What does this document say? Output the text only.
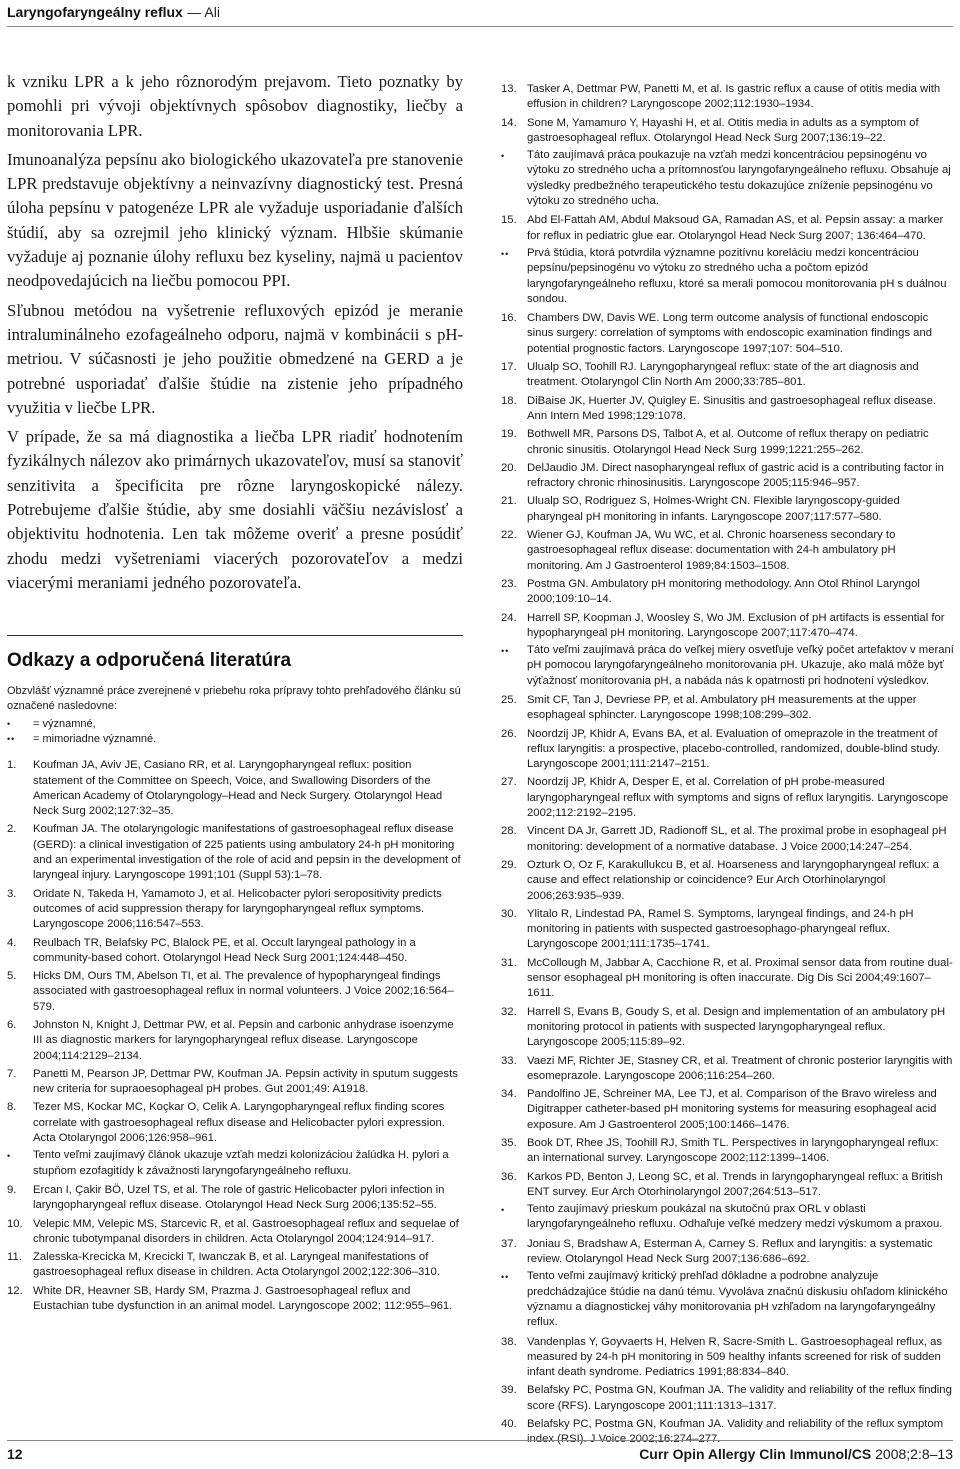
Laryngofaryngeálny reflux — Ali

k vzniku LPR a k jeho rôznorodým prejavom. Tieto poznatky by pomohli pri vývoji objektívnych spôsobov diagnostiky, liečby a monitorovania LPR.

Imunoanalýza pepsínu ako biologického ukazovateľa pre stanovenie LPR predstavuje objektívny a neinvazívny diagnostický test. Presná úloha pepsínu v patogenéze LPR ale vyžaduje usporiadanie ďalších štúdií, aby sa ozrejmil jeho klinický význam. Hlbšie skúmanie vyžaduje aj poznanie úlohy refluxu bez kyseliny, najmä u pacientov neodpovedajúcich na liečbu pomocou PPI.

Sľubnou metódou na vyšetrenie refluxových epizód je meranie intraluminálneho ezofageálneho odporu, najmä v kombinácii s pH-metriou. V súčasnosti je jeho použitie obmedzené na GERD a je potrebné usporiadať ďalšie štúdie na zistenie jeho prípadného využitia v liečbe LPR.

V prípade, že sa má diagnostika a liečba LPR riadiť hodnotením fyzikálnych nálezov ako primárnych ukazovateľov, musí sa stanoviť senzitivita a špecificita pre rôzne laryngoskopické nálezy. Potrebujeme ďalšie štúdie, aby sme dosiahli väčšiu nezávislosť a objektivitu hodnotenia. Len tak môžeme overiť a presne posúdiť zhodu medzi vyšetreniami viacerých pozorovateľov a medzi viacerými meraniami jedného pozorovateľa.

Odkazy a odporučená literatúra

Obzvlášť významné práce zverejnené v priebehu roka prípravy tohto prehľadového článku sú označené nasledovne:

•	= významné,
••	= mimoriadne významné.
1.	Koufman JA, Aviv JE, Casiano RR, et al. Laryngopharyngeal reflux: position statement of the Committee on Speech, Voice, and Swallowing Disorders of the American Academy of Otolaryngology–Head and Neck Surgery. Otolaryngol Head Neck Surg 2002;127:32–35.
2.	Koufman JA. The otolaryngologic manifestations of gastroesophageal reflux disease (GERD): a clinical investigation of 225 patients using ambulatory 24-h pH monitoring and an experimental investigation of the role of acid and pepsin in the development of laryngeal injury. Laryngoscope 1991;101 (Suppl 53):1–78.
3.	Oridate N, Takeda H, Yamamoto J, et al. Helicobacter pylori seropositivity predicts outcomes of acid suppression therapy for laryngopharyngeal reflux symptoms. Laryngoscope 2006;116:547–553.
4.	Reulbach TR, Belafsky PC, Blalock PE, et al. Occult laryngeal pathology in a community-based cohort. Otolaryngol Head Neck Surg 2001;124:448–450.
5.	Hicks DM, Ours TM, Abelson TI, et al. The prevalence of hypopharyngeal findings associated with gastroesophageal reflux in normal volunteers. J Voice 2002;16:564–579.
6.	Johnston N, Knight J, Dettmar PW, et al. Pepsin and carbonic anhydrase isoenzyme III as diagnostic markers for laryngopharyngeal reflux disease. Laryngoscope 2004;114:2129–2134.
7.	Panetti M, Pearson JP, Dettmar PW, Koufman JA. Pepsin activity in sputum suggests new criteria for supraoesophageal pH probes. Gut 2001;49: A1918.
8.	Tezer MS, Kockar MC, Koçkar O, Celik A. Laryngopharyngeal reflux finding scores correlate with gastroesophageal reflux disease and Helicobacter pylori expression. Acta Otolaryngol 2006;126:958–961.
•	Tento veľmi zaujímavý článok ukazuje vzťah medzi kolonizáciou žalúdka H. pylori a stupňom ezofagitídy k závažnosti laryngofaryngeálneho refluxu.
9.	Ercan I, Çakir BÖ, Uzel TS, et al. The role of gastric Helicobacter pylori infection in laryngopharyngeal reflux disease. Otolaryngol Head Neck Surg 2006;135:52–55.
10. Velepic MM, Velepic MS, Starcevic R, et al. Gastroesophageal reflux and sequelae of chronic tubotympanal disorders in children. Acta Otolaryngol 2004;124:914–917.
11. Zalesska-Krecicka M, Krecicki T, Iwanczak B, et al. Laryngeal manifestations of gastroesophageal reflux disease in children. Acta Otolaryngol 2002;122:306–310.
12. White DR, Heavner SB, Hardy SM, Prazma J. Gastroesophageal reflux and Eustachian tube dysfunction in an animal model. Laryngoscope 2002; 112:955–961.
13. Tasker A, Dettmar PW, Panetti M, et al. Is gastric reflux a cause of otitis media with effusion in children? Laryngoscope 2002;112:1930–1934.
14. Sone M, Yamamuro Y, Hayashi H, et al. Otitis media in adults as a symptom of gastroesophageal reflux. Otolaryngol Head Neck Surg 2007;136:19–22.
•	Táto zaujímavá práca poukazuje na vzťah medzi koncentráciou pepsinogénu vo výtoku zo stredného ucha a prítomnosťou laryngofaryngeálneho refluxu. Obsahuje aj výsledky predbežného terapeutického testu dokazujúce zníženie pepsinogénu vo výtoku zo stredného ucha.
15. Abd El-Fattah AM, Abdul Maksoud GA, Ramadan AS, et al. Pepsin assay: a marker for reflux in pediatric glue ear. Otolaryngol Head Neck Surg 2007; 136:464–470.
••	Prvá štúdia, ktorá potvrdila významne pozitívnu koreláciu medzi koncentráciou pepsínu/pepsinogénu vo výtoku zo stredného ucha a počtom epizód laryngofaryngeálneho refluxu, ktoré sa merali pomocou monitorovania pH s duálnou sondou.
16. Chambers DW, Davis WE. Long term outcome analysis of functional endoscopic sinus surgery: correlation of symptoms with endoscopic examination findings and potential prognostic factors. Laryngoscope 1997;107: 504–510.
17. Ulualp SO, Toohill RJ. Laryngopharyngeal reflux: state of the art diagnosis and treatment. Otolaryngol Clin North Am 2000;33:785–801.
18. DiBaise JK, Huerter JV, Quigley E. Sinusitis and gastroesophageal reflux disease. Ann Intern Med 1998;129:1078.
19. Bothwell MR, Parsons DS, Talbot A, et al. Outcome of reflux therapy on pediatric chronic sinusitis. Otolaryngol Head Neck Surg 1999;1221:255–262.
20. DelJaudio JM. Direct nasopharyngeal reflux of gastric acid is a contributing factor in refractory chronic rhinosinusitis. Laryngoscope 2005;115:946–957.
21. Ulualp SO, Rodriguez S, Holmes-Wright CN. Flexible laryngoscopy-guided pharyngeal pH monitoring in infants. Laryngoscope 2007;117:577–580.
22. Wiener GJ, Koufman JA, Wu WC, et al. Chronic hoarseness secondary to gastroesophageal reflux disease: documentation with 24-h ambulatory pH monitoring. Am J Gastroenterol 1989;84:1503–1508.
23. Postma GN. Ambulatory pH monitoring methodology. Ann Otol Rhinol Laryngol 2000;109:10–14.
24. Harrell SP, Koopman J, Woosley S, Wo JM. Exclusion of pH artifacts is essential for hypopharyngeal pH monitoring. Laryngoscope 2007;117:470–474.
••	Táto veľmi zaujímavá práca do veľkej miery osvetľuje veľký počet artefaktov v meraní pH pomocou laryngofaryngeálneho monitorovania pH. Ukazuje, ako malá môže byť výťažnosť monitorovania pH, a nabáda nás k opatrnosti pri hodnotení výsledkov.
25. Smit CF, Tan J, Devriese PP, et al. Ambulatory pH measurements at the upper esophageal sphincter. Laryngoscope 1998;108:299–302.
26. Noordzij JP, Khidr A, Evans BA, et al. Evaluation of omeprazole in the treatment of reflux laryngitis: a prospective, placebo-controlled, randomized, double-blind study. Laryngoscope 2001;111:2147–2151.
27. Noordzij JP, Khidr A, Desper E, et al. Correlation of pH probe-measured laryngopharyngeal reflux with symptoms and signs of reflux laryngitis. Laryngoscope 2002;112:2192–2195.
28. Vincent DA Jr, Garrett JD, Radionoff SL, et al. The proximal probe in esophageal pH monitoring: development of a normative database. J Voice 2000;14:247–254.
29. Ozturk O, Oz F, Karakullukcu B, et al. Hoarseness and laryngopharyngeal reflux: a cause and effect relationship or coincidence? Eur Arch Otorhinolaryngol 2006;263:935–939.
30. Ylitalo R, Lindestad PA, Ramel S. Symptoms, laryngeal findings, and 24-h pH monitoring in patients with suspected gastroesophago-pharyngeal reflux. Laryngoscope 2001;111:1735–1741.
31. McCollough M, Jabbar A, Cacchione R, et al. Proximal sensor data from routine dual-sensor esophageal pH monitoring is often inaccurate. Dig Dis Sci 2004;49:1607–1611.
32. Harrell S, Evans B, Goudy S, et al. Design and implementation of an ambulatory pH monitoring protocol in patients with suspected laryngopharyngeal reflux. Laryngoscope 2005;115:89–92.
33. Vaezi MF, Richter JE, Stasney CR, et al. Treatment of chronic posterior laryngitis with esomeprazole. Laryngoscope 2006;116:254–260.
34. Pandolfino JE, Schreiner MA, Lee TJ, et al. Comparison of the Bravo wireless and Digitrapper catheter-based pH monitoring systems for measuring esophageal acid exposure. Am J Gastroenterol 2005;100:1466–1476.
35. Book DT, Rhee JS, Toohill RJ, Smith TL. Perspectives in laryngopharyngeal reflux: an international survey. Laryngoscope 2002;112:1399–1406.
36. Karkos PD, Benton J, Leong SC, et al. Trends in laryngopharyngeal reflux: a British ENT survey. Eur Arch Otorhinolaryngol 2007;264:513–517.
•	Tento zaujímavý prieskum poukázal na skutočnú prax ORL v oblasti laryngofaryngeálneho refluxu. Odhaľuje veľké medzery medzi výskumom a praxou.
37. Joniau S, Bradshaw A, Esterman A, Carney S. Reflux and laryngitis: a systematic review. Otolaryngol Head Neck Surg 2007;136:686–692.
••	Tento veľmi zaujímavý kritický prehľad dôkladne a podrobne analyzuje predchádzajúce štúdie na danú tému. Vyvoláva značnú diskusiu ohľadom klinického významu a diagnostickej váhy monitorovania pH vzhľadom na laryngofaryngeálny reflux.
38. Vandenplas Y, Goyvaerts H, Helven R, Sacre-Smith L. Gastroesophageal reflux, as measured by 24-h pH monitoring in 509 healthy infants screened for risk of sudden infant death syndrome. Pediatrics 1991;88:834–840.
39. Belafsky PC, Postma GN, Koufman JA. The validity and reliability of the reflux finding score (RFS). Laryngoscope 2001;111:1313–1317.
40. Belafsky PC, Postma GN, Koufman JA. Validity and reliability of the reflux symptom index (RSI). J Voice 2002;16:274–277.
12	Curr Opin Allergy Clin Immunol/CS 2008;2:8–13
